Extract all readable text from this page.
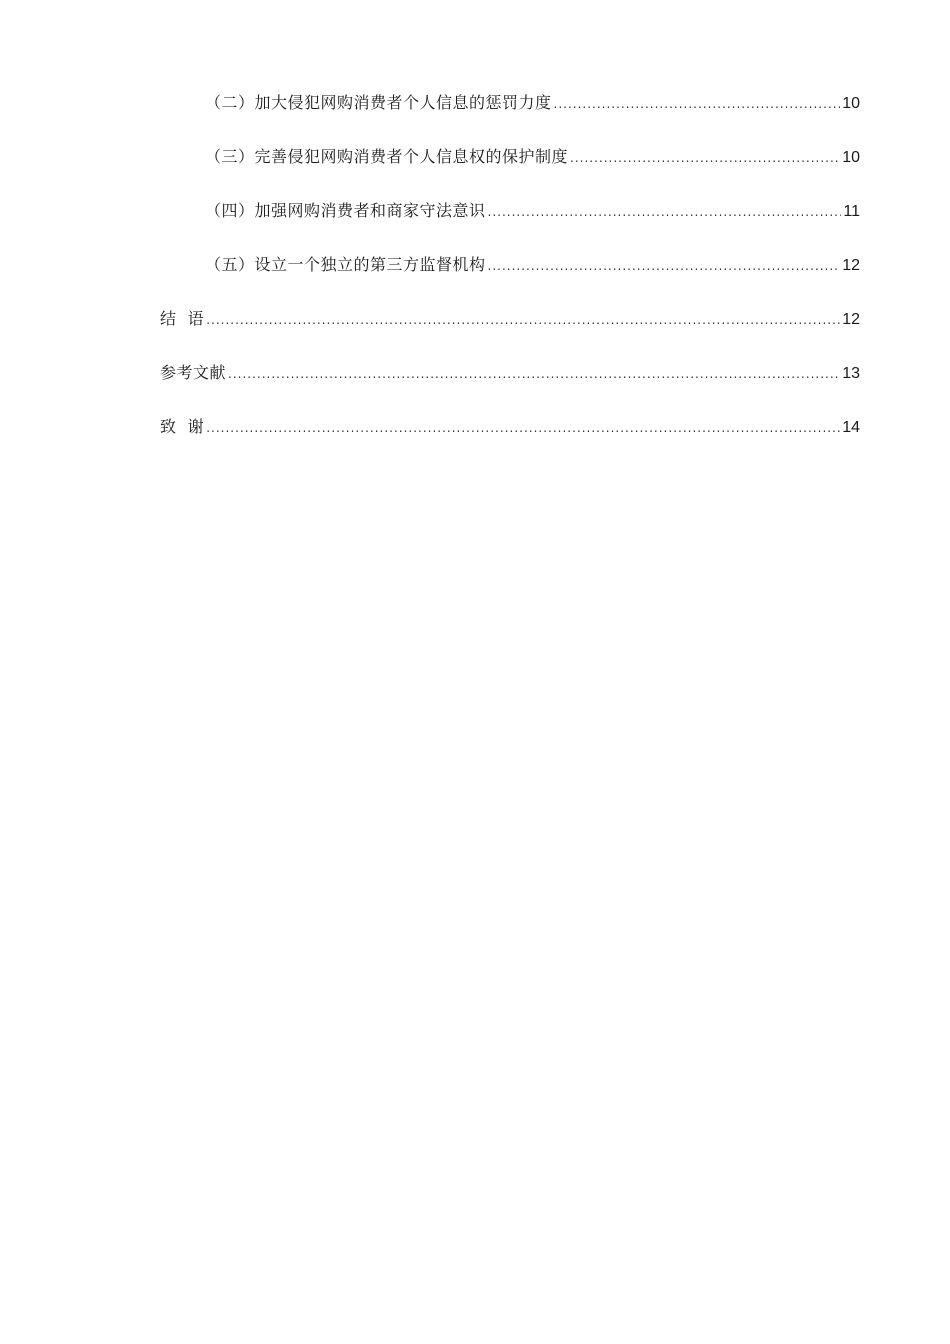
（二）加大侵犯网购消费者个人信息的惩罚力度 .....	10
（三）完善侵犯网购消费者个人信息权的保护制度 .....	10
（四）加强网购消费者和商家守法意识 .....	11
（五）设立一个独立的第三方监督机构 .....	12
结  语 .....	12
参考文献 .....	13
致  谢 .....	14
